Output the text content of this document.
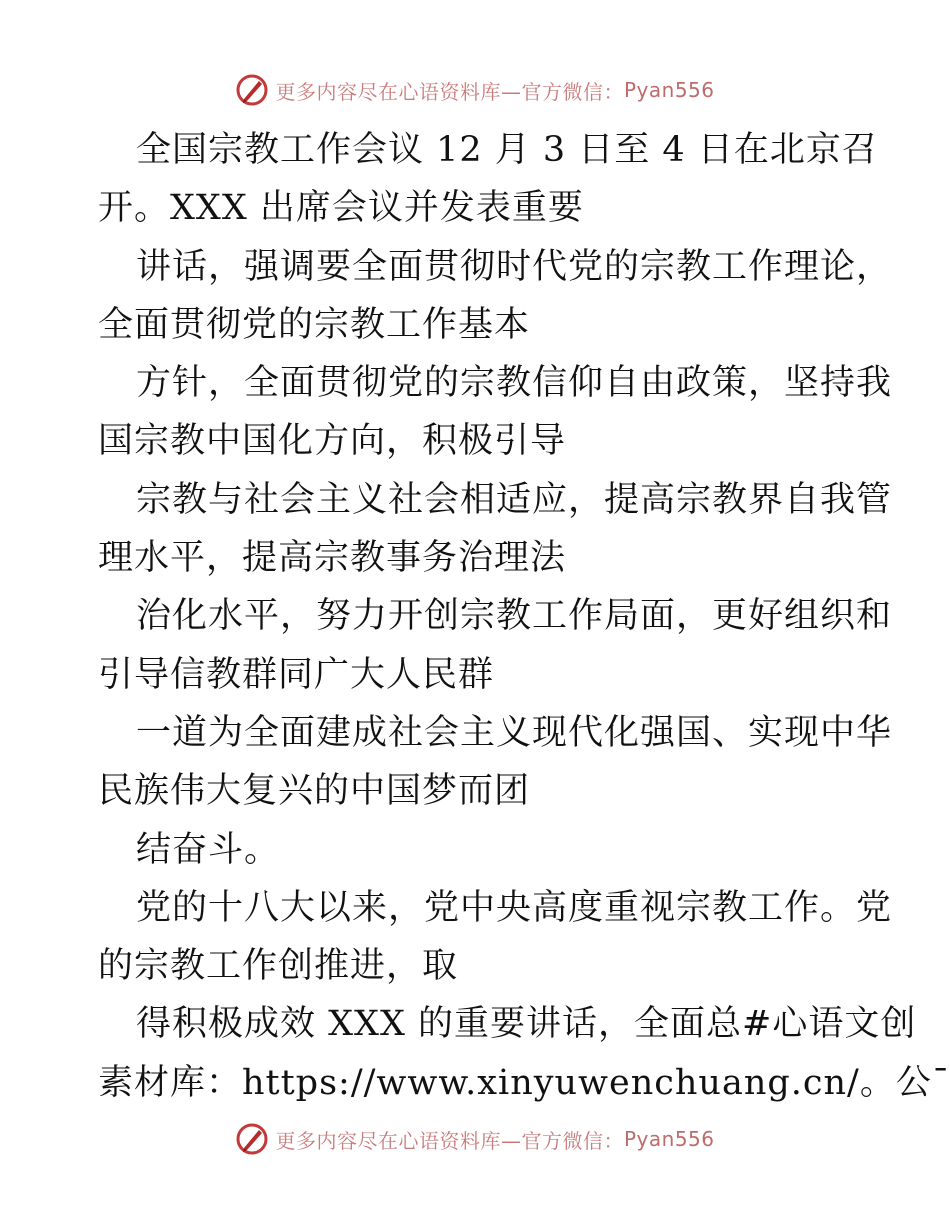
更多内容尽在心语资料库—官方微信： Pyan556

全国宗教工作会议 12 月 3 日至 4 日在北京召

开。XXX 出席会议并发表重要

讲话，强调要全面贯彻时代党的宗教工作理论，

全面贯彻党的宗教工作基本

方针，全面贯彻党的宗教信仰自由政策，坚持我

国宗教中国化方向，积极引导

宗教与社会主义社会相适应，提高宗教界自我管

理水平，提高宗教事务治理法

治化水平，努力开创宗教工作局面，更好组织和

引导信教群同广大人民群

一道为全面建成社会主义现代化强国、实现中华

民族伟大复兴的中国梦而团

结奋斗。

党的十八大以来，党中央高度重视宗教工作。党

的宗教工作创推进，取

得积极成效 XXX 的重要讲话，全面总#心语文创

素材库：https://www.xinyuwenchuang.cn/。公¯

更多内容尽在心语资料库—官方微信： Pyan556
